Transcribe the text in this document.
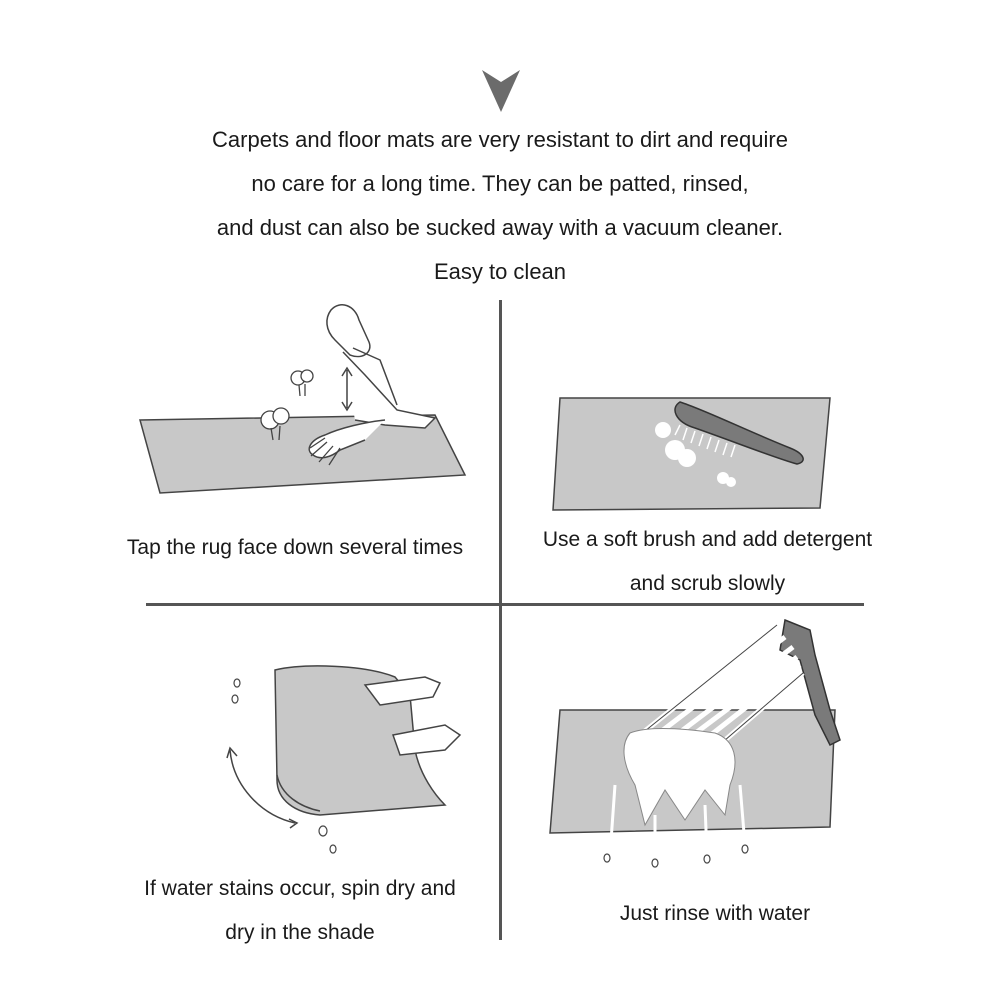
Carpets and floor mats are very resistant to dirt and require
no care for a long time. They can be patted, rinsed,
and dust can also be sucked away with a vacuum cleaner.
Easy to clean
Tap the rug face down several times	Use a soft brush and add detergent
and scrub slowly
If water stains occur, spin dry and
dry in the shade
Just rinse with water
